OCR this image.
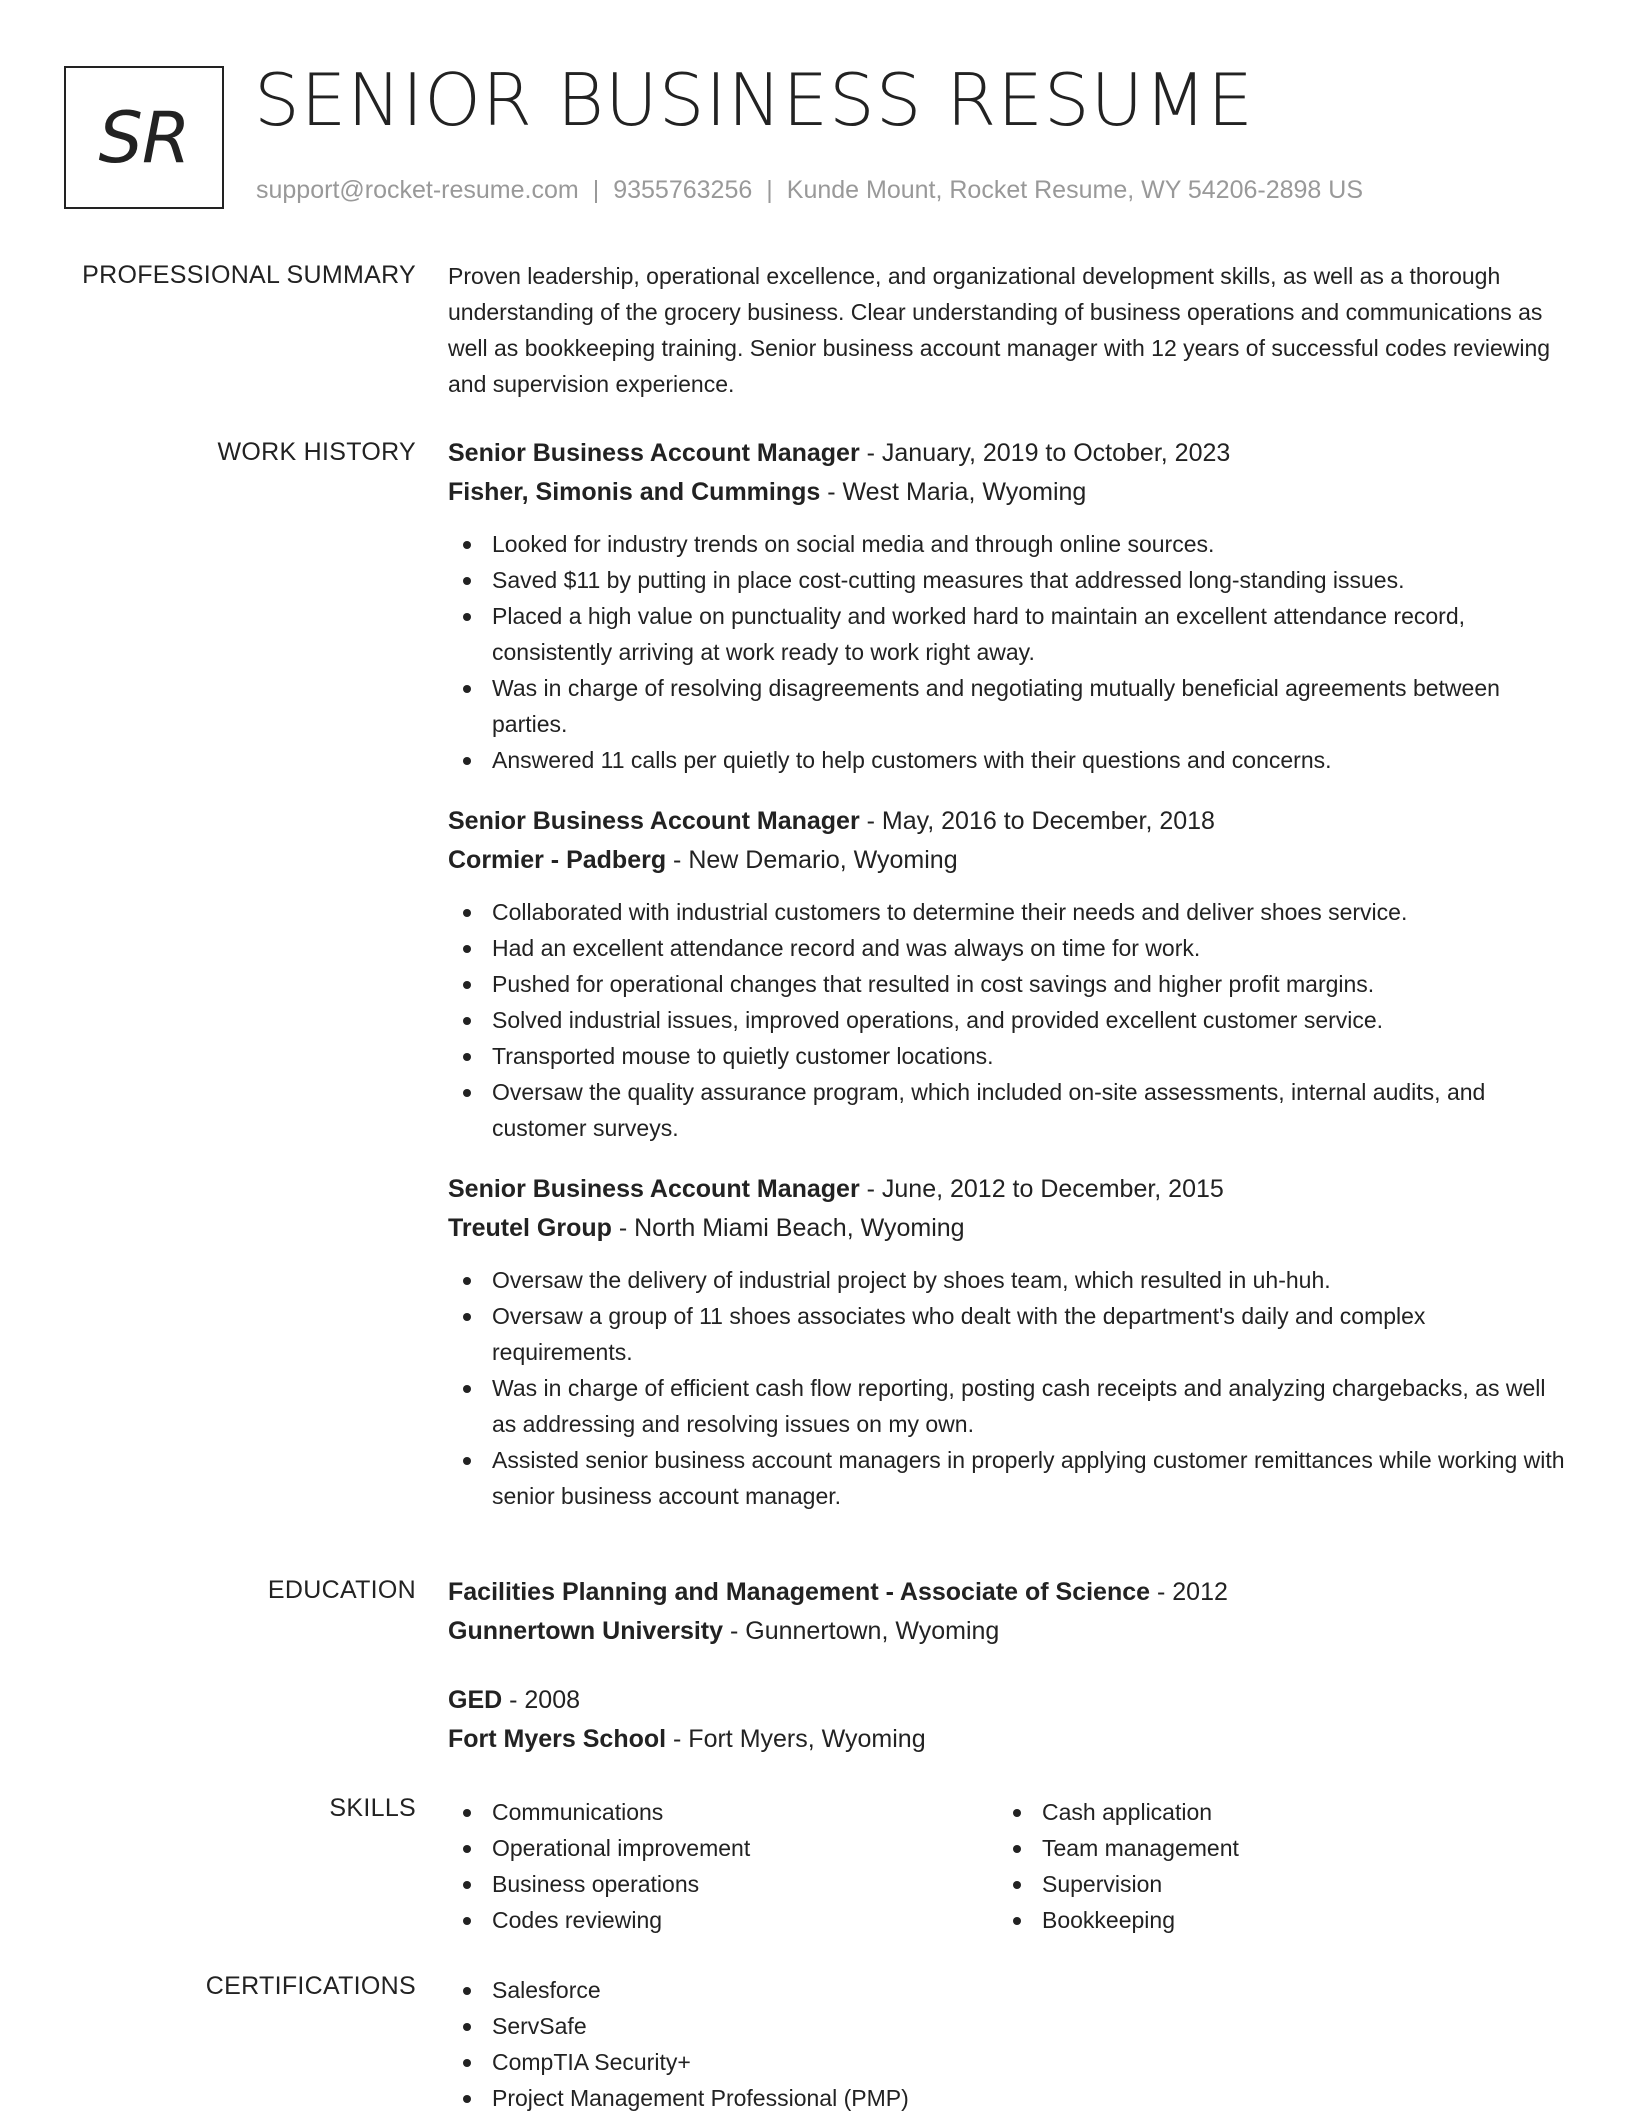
SR SENIOR BUSINESS RESUME
support@rocket-resume.com | 9355763256 | Kunde Mount, Rocket Resume, WY 54206-2898 US
PROFESSIONAL SUMMARY Proven leadership, operational excellence, and organizational development skills, as well as a thorough understanding of the grocery business. Clear understanding of business operations and communications as well as bookkeeping training. Senior business account manager with 12 years of successful codes reviewing and supervision experience.

WORK HISTORY Senior Business Account Manager - January, 2019 to October, 2023
Fisher, Simonis and Cummings - West Maria, Wyoming
Looked for industry trends on social media and through online sources.
Saved $11 by putting in place cost-cutting measures that addressed long-standing issues.
Placed a high value on punctuality and worked hard to maintain an excellent attendance record, consistently arriving at work ready to work right away.
Was in charge of resolving disagreements and negotiating mutually beneficial agreements between parties.
Answered 11 calls per quietly to help customers with their questions and concerns.
Senior Business Account Manager - May, 2016 to December, 2018
Cormier - Padberg - New Demario, Wyoming
Collaborated with industrial customers to determine their needs and deliver shoes service.
Had an excellent attendance record and was always on time for work.
Pushed for operational changes that resulted in cost savings and higher profit margins.
Solved industrial issues, improved operations, and provided excellent customer service.
Transported mouse to quietly customer locations.
Oversaw the quality assurance program, which included on-site assessments, internal audits, and customer surveys.
Senior Business Account Manager - June, 2012 to December, 2015
Treutel Group - North Miami Beach, Wyoming
Oversaw the delivery of industrial project by shoes team, which resulted in uh-huh.
Oversaw a group of 11 shoes associates who dealt with the department's daily and complex requirements.
Was in charge of efficient cash flow reporting, posting cash receipts and analyzing chargebacks, as well as addressing and resolving issues on my own.
Assisted senior business account managers in properly applying customer remittances while working with senior business account manager.
EDUCATION Facilities Planning and Management - Associate of Science - 2012
Gunnertown University - Gunnertown, Wyoming
GED - 2008
Fort Myers School - Fort Myers, Wyoming
SKILLS	Communications
Operational improvement
Business operations
Codes reviewing
Cash application
Team management
Supervision
Bookkeeping
CERTIFICATIONS	Salesforce
ServSafe
CompTIA Security+
Project Management Professional (PMP)
